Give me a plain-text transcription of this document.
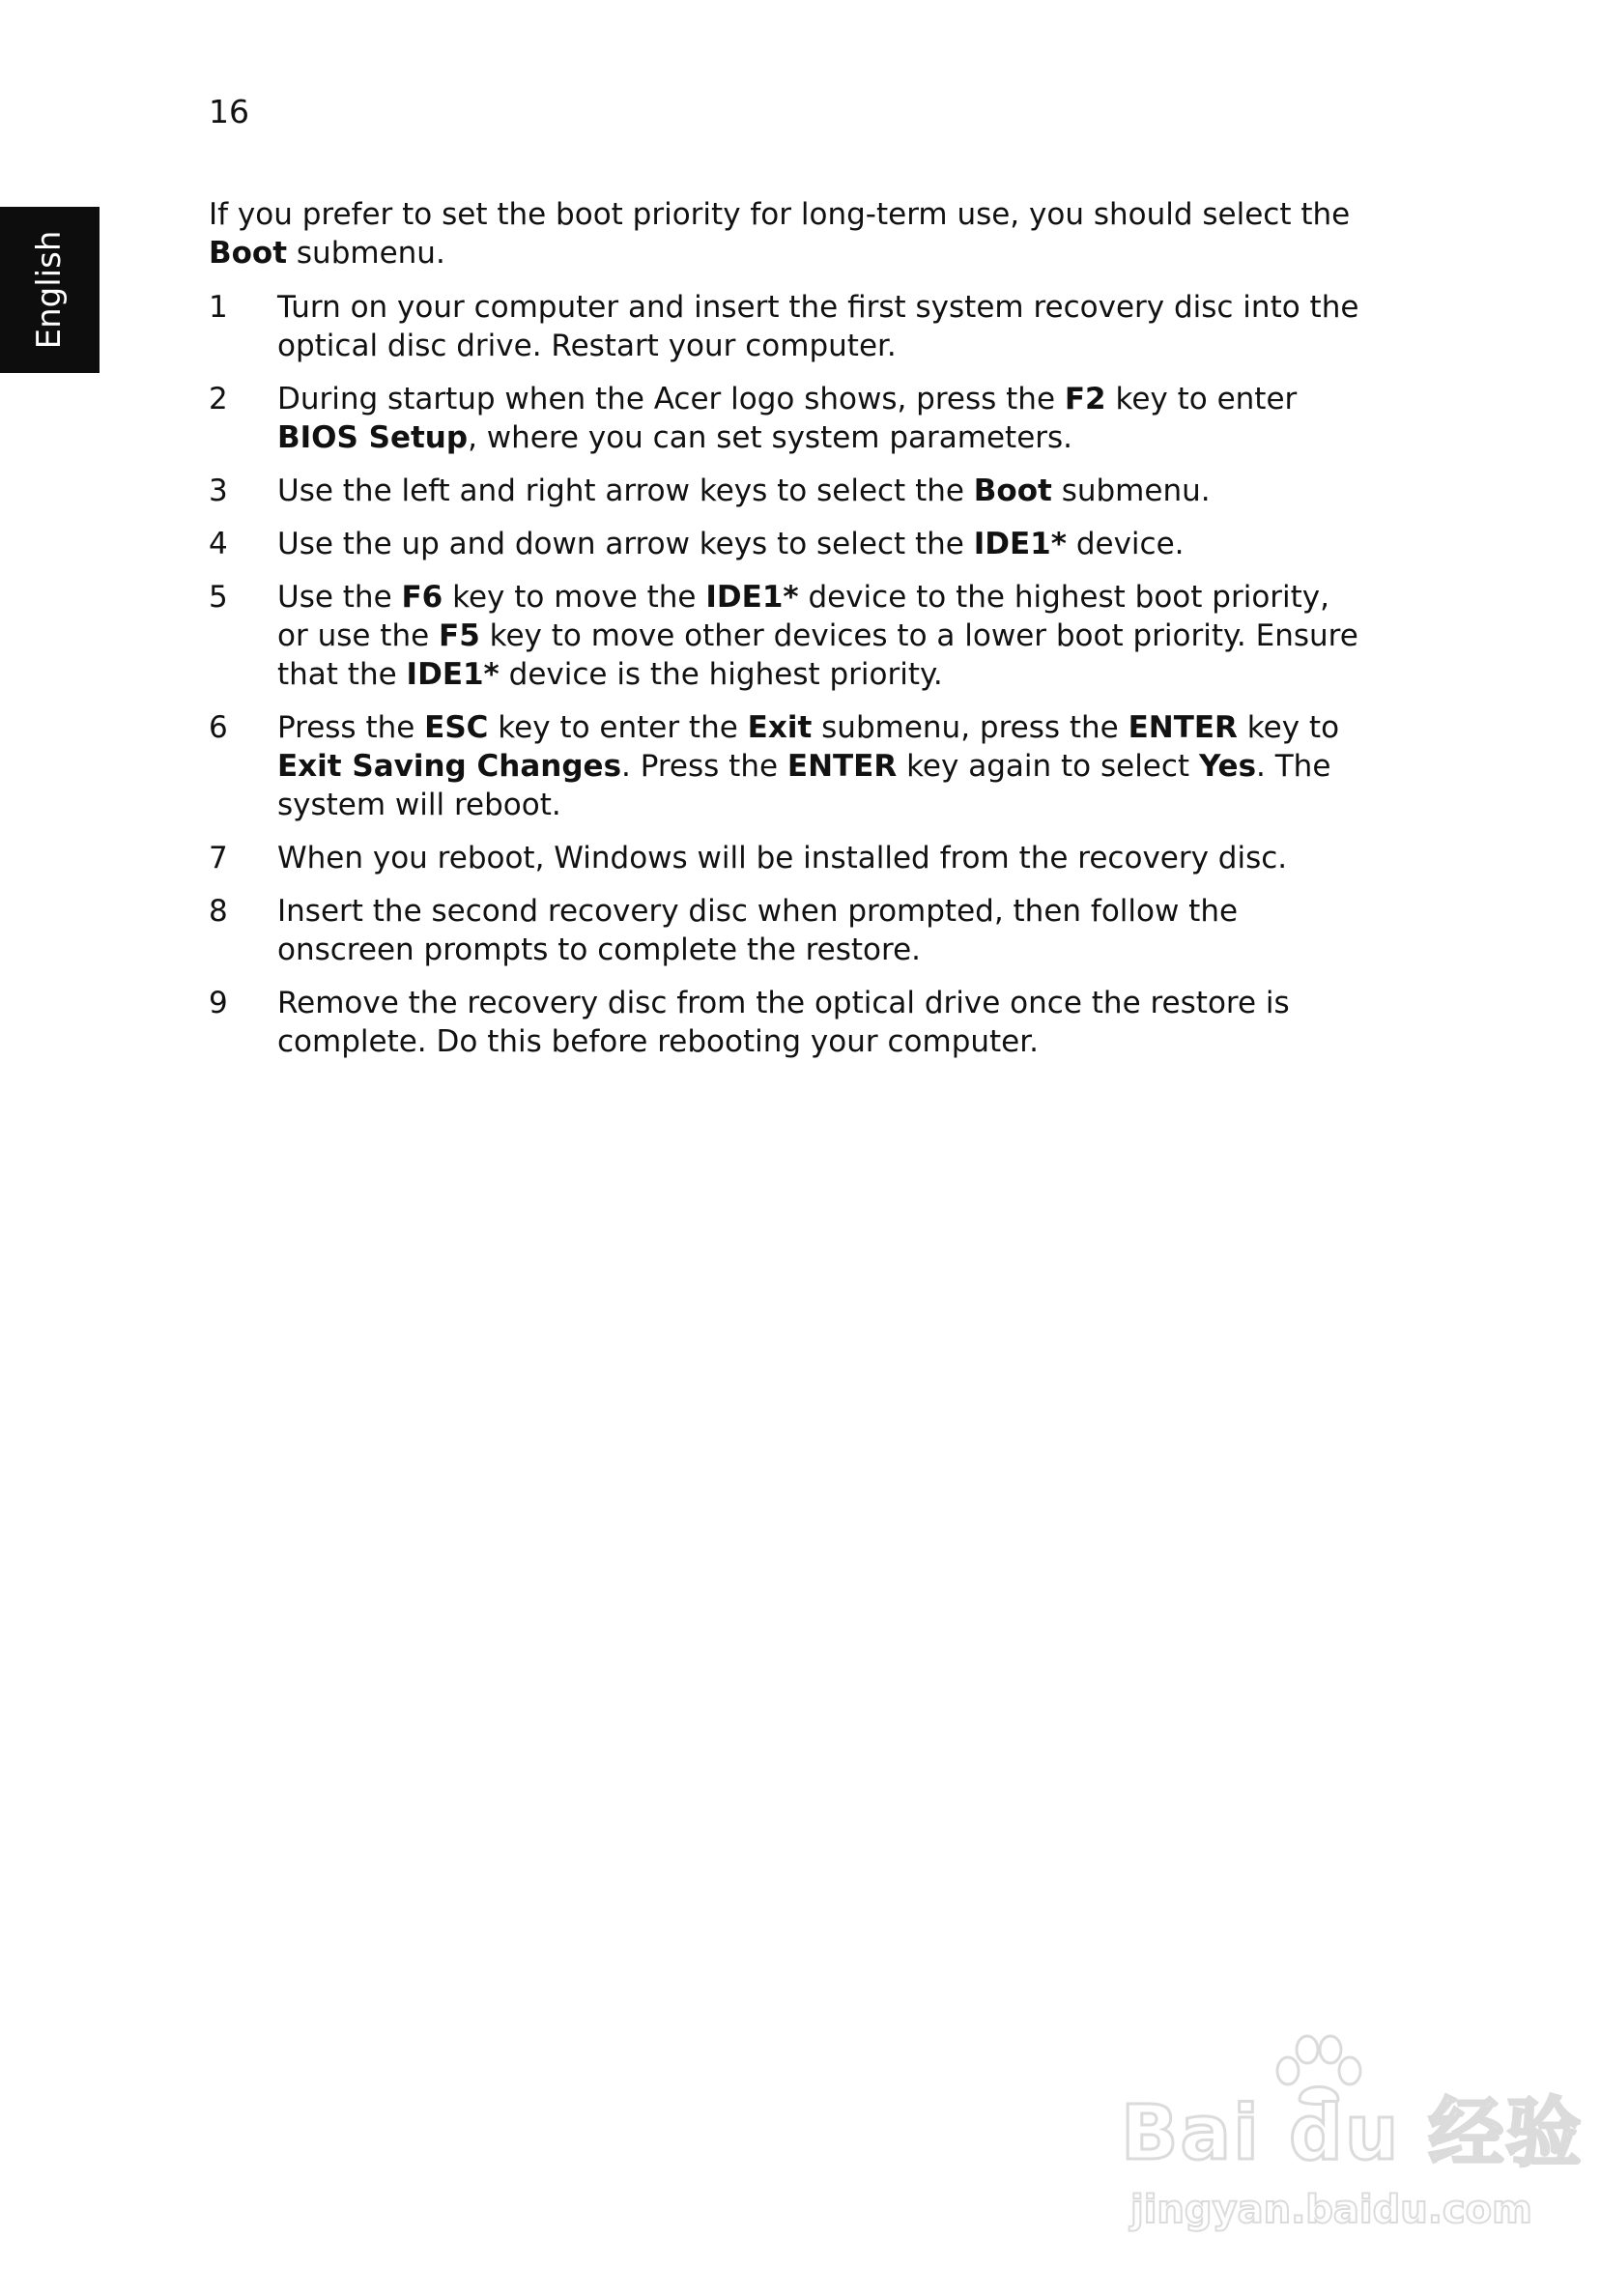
16
English

If you prefer to set the boot priority for long-term use, you should select the Boot submenu.

1 Turn on your computer and insert the first system recovery disc into the optical disc drive. Restart your computer.
2 During startup when the Acer logo shows, press the F2 key to enter BIOS Setup, where you can set system parameters.
3 Use the left and right arrow keys to select the Boot submenu.
4 Use the up and down arrow keys to select the IDE1* device.
5 Use the F6 key to move the IDE1* device to the highest boot priority, or use the F5 key to move other devices to a lower boot priority. Ensure that the IDE1* device is the highest priority.
6 Press the ESC key to enter the Exit submenu, press the ENTER key to Exit Saving Changes. Press the ENTER key again to select Yes. The system will reboot.
7 When you reboot, Windows will be installed from the recovery disc.
8 Insert the second recovery disc when prompted, then follow the onscreen prompts to complete the restore.
9 Remove the recovery disc from the optical drive once the restore is complete. Do this before rebooting your computer.
Bai du 经验
jingyan.baidu.com
